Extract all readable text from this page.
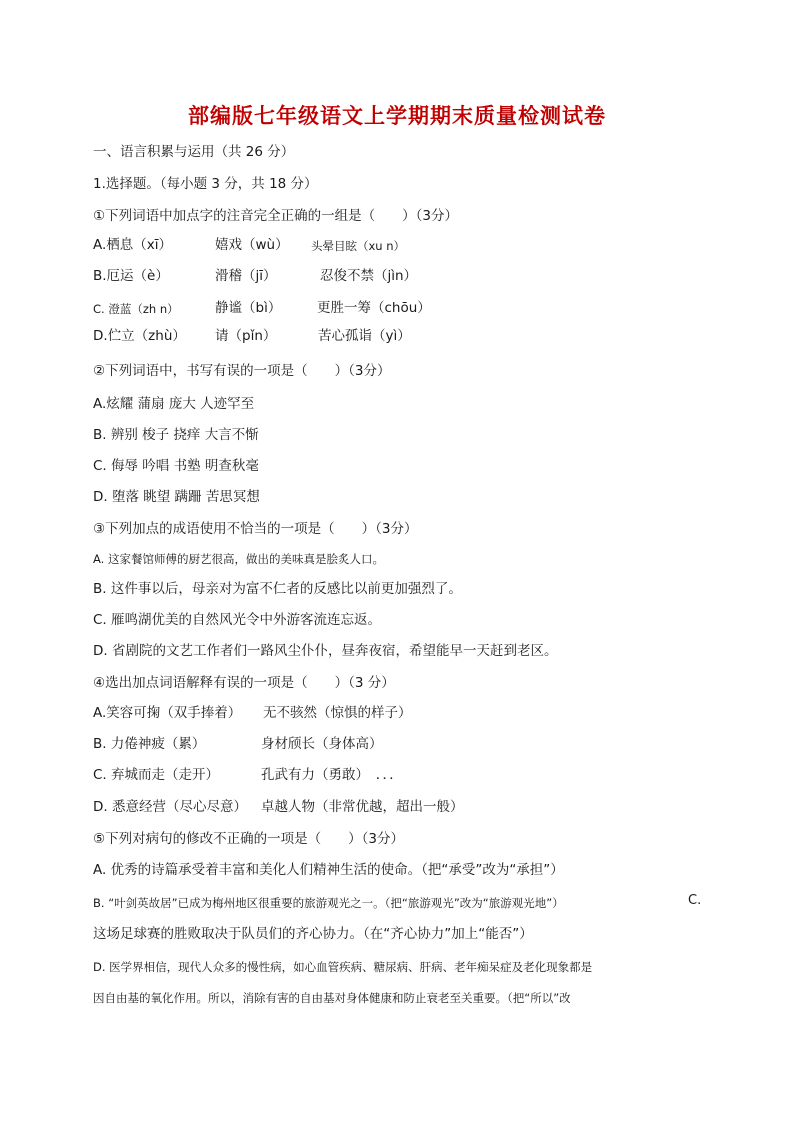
部编版七年级语文上学期期末质量检测试卷
一、语言积累与运用（共 26 分）
1.选择题。（每小题 3 分，共 18 分）
①下列词语中加点字的注音完全正确的一组是（　　）（3分）
A.栖息（xī）	嬉戏（wù） 头晕目眩（xu n）
B.厄运（è）	滑稽（jī）	忍俊不禁（jìn）
C. 澄蓝（zh n）	静谧（bì）	更胜一筹（chōu）
D.伫立（zhù） 请（pǐn）	苦心孤诣（yì）
②下列词语中，书写有误的一项是（　　）（3分）
A.炫耀 蒲扇 庞大 人迹罕至
B. 辨别 梭子 挠痒 大言不惭
C. 侮辱 吟唱 书塾 明查秋毫
D. 堕落 眺望 蹒跚 苦思冥想
③下列加点的成语使用不恰当的一项是（　　）（3分）
A. 这家餐馆师傅的厨艺很高，做出的美味真是脍炙人口。
B. 这件事以后，母亲对为富不仁者的反感比以前更加强烈了。
C. 雁鸣湖优美的自然风光令中外游客流连忘返。
D. 省剧院的文艺工作者们一路风尘仆仆，昼奔夜宿，希望能早一天赶到老区。
④选出加点词语解释有误的一项是（　　）（3 分）
A.笑容可掬（双手捧着） 无不骇然（惊惧的样子）
B. 力倦神疲（累）	身材颀长（身体高）
C. 弃城而走（走开）	孔武有力（勇敢）　．．．
D. 悉意经营（尽心尽意） 卓越人物（非常优越，超出一般）
⑤下列对病句的修改不正确的一项是（　　）（3分）
A. 优秀的诗篇承受着丰富和美化人们精神生活的使命。（把“承受”改为“承担”）
B. “叶剑英故居”已成为梅州地区很重要的旅游观光之一。（把“旅游观光”改为“旅游观光地”）	C.
这场足球赛的胜败取决于队员们的齐心协力。（在“齐心协力”加上“能否”）
D. 医学界相信，现代人众多的慢性病，如心血管疾病、糖尿病、肝病、老年痴呆症及老化现象都是
因自由基的氧化作用。所以，消除有害的自由基对身体健康和防止衰老至关重要。（把“所以”改
